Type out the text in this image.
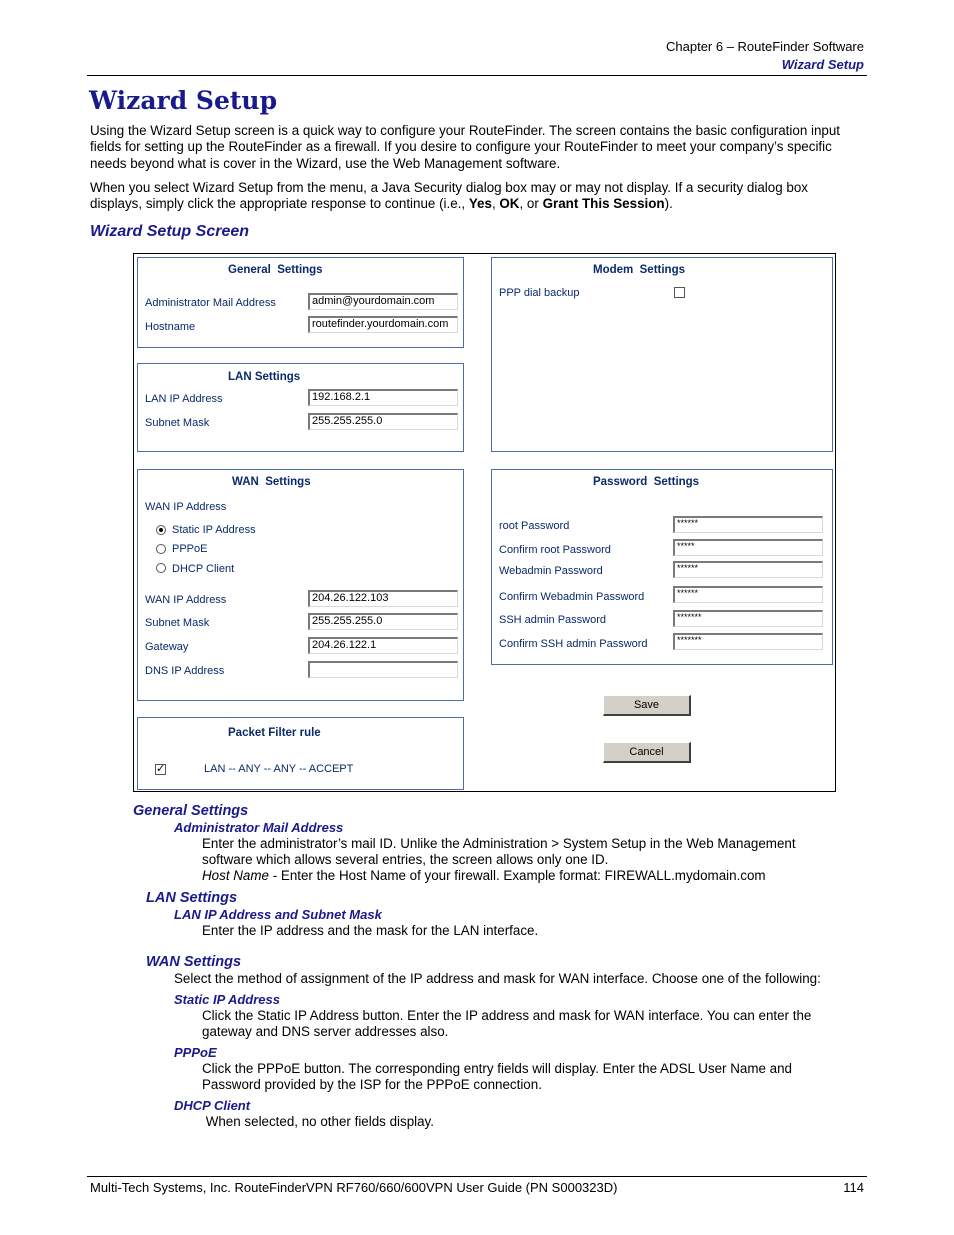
Chapter 6 – RouteFinder Software
Wizard Setup
Wizard Setup

Using the Wizard Setup screen is a quick way to configure your RouteFinder. The screen contains the basic configuration input fields for setting up the RouteFinder as a firewall. If you desire to configure your RouteFinder to meet your company’s specific needs beyond what is cover in the Wizard, use the Web Management software.

When you select Wizard Setup from the menu, a Java Security dialog box may or may not display. If a security dialog box displays, simply click the appropriate response to continue (i.e., Yes, OK, or Grant This Session).

Wizard Setup Screen
General  Settings
Administrator Mail Address	admin@yourdomain.com
Hostname	routefinder.yourdomain.com
LAN Settings
LAN IP Address	192.168.2.1
Subnet Mask	255.255.255.0
WAN  Settings
WAN IP Address
Static IP Address
PPPoE
DHCP Client
WAN IP Address	204.26.122.103
Subnet Mask	255.255.255.0
Gateway	204.26.122.1
DNS IP Address
Packet Filter rule
✓	LAN -- ANY -- ANY -- ACCEPT
Modem  Settings
PPP dial backup
Password  Settings
root Password	******
Confirm root Password	*****
Webadmin Password	******
Confirm Webadmin Password	******
SSH admin Password	*******
Confirm SSH admin Password	*******
Save
Cancel
General Settings
Administrator Mail Address
Enter the administrator’s mail ID. Unlike the Administration > System Setup in the Web Management software which allows several entries, the screen allows only one ID.
Host Name - Enter the Host Name of your firewall. Example format: FIREWALL.mydomain.com
LAN Settings
LAN IP Address and Subnet Mask
Enter the IP address and the mask for the LAN interface.
WAN Settings
Select the method of assignment of the IP address and mask for WAN interface. Choose one of the following:
Static IP Address
Click the Static IP Address button. Enter the IP address and mask for WAN interface. You can enter the gateway and DNS server addresses also.
PPPoE
Click the PPPoE button. The corresponding entry fields will display. Enter the ADSL User Name and Password provided by the ISP for the PPPoE connection.
DHCP Client
When selected, no other fields display.
Multi-Tech Systems, Inc. RouteFinderVPN RF760/660/600VPN User Guide (PN S000323D)	114
